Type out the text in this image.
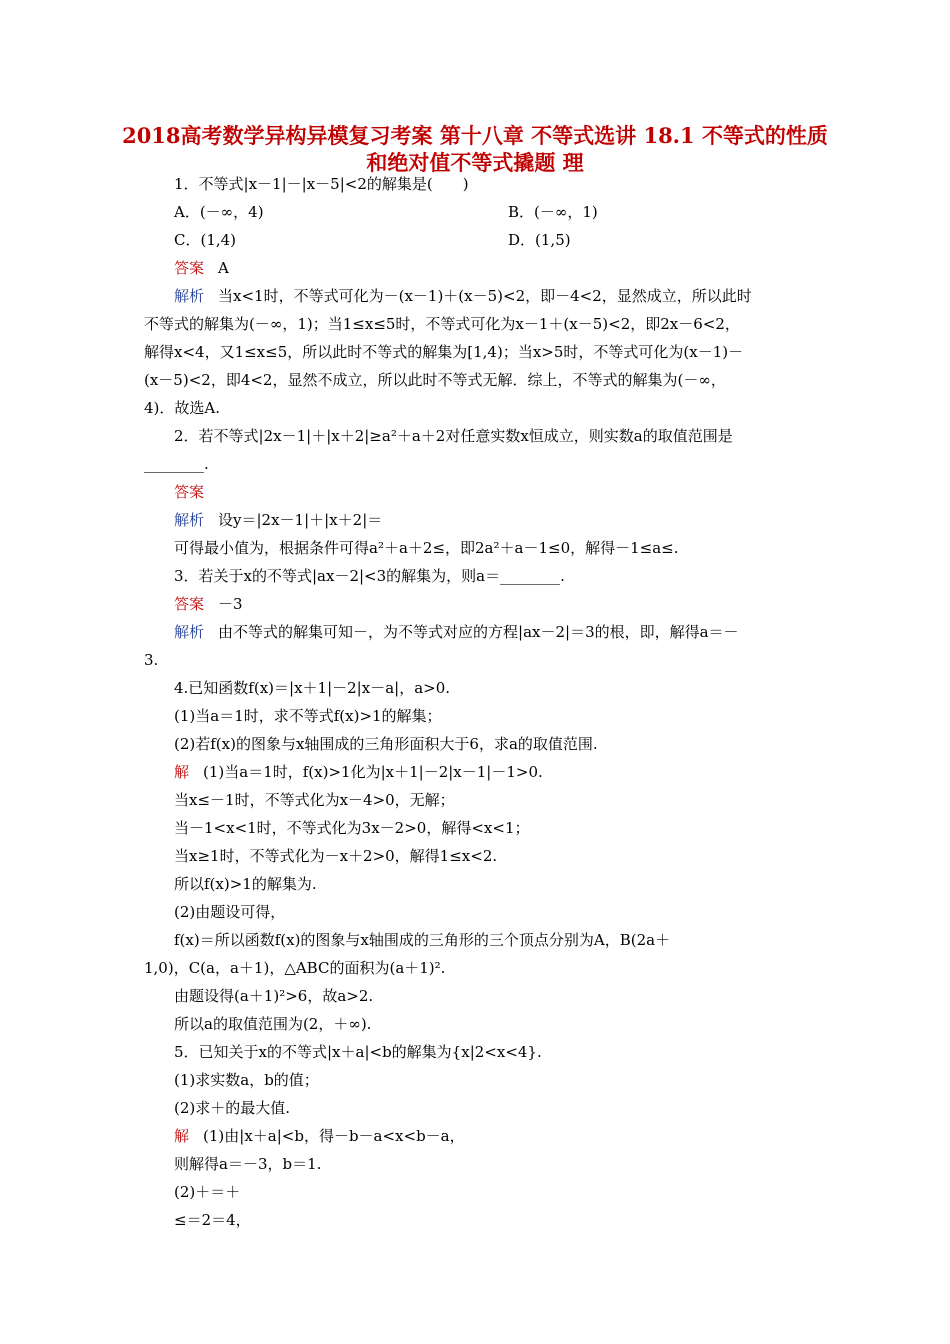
2018高考数学异构异模复习考案 第十八章 不等式选讲 18.1 不等式的性质和绝对值不等式撬题 理
1．不等式|x－1|－|x－5|<2的解集是(　　)
A．(－∞，4)	B．(－∞，1)
C．(1,4)	D．(1,5)
答案 A
解析 当x<1时，不等式可化为－(x－1)＋(x－5)<2，即－4<2，显然成立，所以此时
不等式的解集为(－∞，1)；当1≤x≤5时，不等式可化为x－1＋(x－5)<2，即2x－6<2，
解得x<4，又1≤x≤5，所以此时不等式的解集为[1,4)；当x>5时，不等式可化为(x－1)－
(x－5)<2，即4<2，显然不成立，所以此时不等式无解．综上，不等式的解集为(－∞，
4)．故选A.
2．若不等式|2x－1|＋|x＋2|≥a²＋a＋2对任意实数x恒成立，则实数a的取值范围是
________.
答案
解析 设y＝|2x－1|＋|x＋2|＝
可得最小值为，根据条件可得a²＋a＋2≤，即2a²＋a－1≤0，解得－1≤a≤.
3．若关于x的不等式|ax－2|<3的解集为，则a＝________.
答案 －3
解析 由不等式的解集可知－，为不等式对应的方程|ax－2|＝3的根，即，解得a＝－
3.
4.已知函数f(x)＝|x＋1|－2|x－a|，a>0.
(1)当a＝1时，求不等式f(x)>1的解集；
(2)若f(x)的图象与x轴围成的三角形面积大于6，求a的取值范围.
解 (1)当a＝1时，f(x)>1化为|x＋1|－2|x－1|－1>0.
当x≤－1时，不等式化为x－4>0，无解；
当－1<x<1时，不等式化为3x－2>0，解得<x<1；
当x≥1时，不等式化为－x＋2>0，解得1≤x<2.
所以f(x)>1的解集为.
(2)由题设可得，
f(x)＝所以函数f(x)的图象与x轴围成的三角形的三个顶点分别为A，B(2a＋
1,0)，C(a，a＋1)，△ABC的面积为(a＋1)².
由题设得(a＋1)²>6，故a>2.
所以a的取值范围为(2，＋∞).
5．已知关于x的不等式|x＋a|<b的解集为{x|2<x<4}.
(1)求实数a，b的值；
(2)求＋的最大值.
解 (1)由|x＋a|<b，得－b－a<x<b－a，
则解得a＝－3，b＝1.
(2)＋＝＋
≤＝2＝4，
